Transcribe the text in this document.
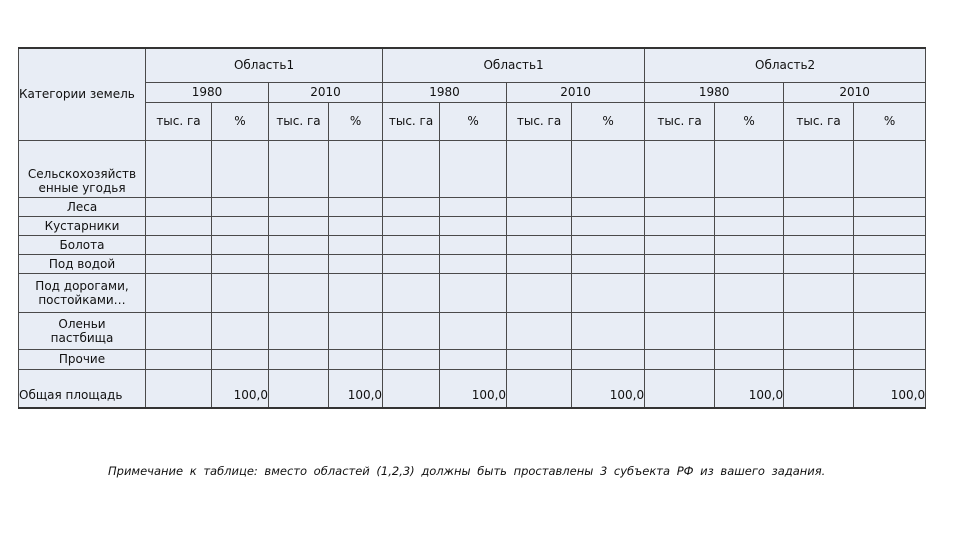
Категории земель	Область1				Область1				Область2			
	1980		2010		1980		2010		1980		2010	
	тыс. га	%	тыс. га	%	тыс. га	%	тыс. га	%	тыс. га	%	тыс. га	%
Сельскохозяйств енные угодья												
Леса												
Кустарники												
Болота												
Под водой												
Под дорогами, постойками…												
Оленьи пастбища												
Прочие												
Общая площадь		100,0		100,0		100,0		100,0		100,0		100,0

Примечание к таблице: вместо областей (1,2,3) должны быть проставлены 3 субъекта РФ из вашего задания.
